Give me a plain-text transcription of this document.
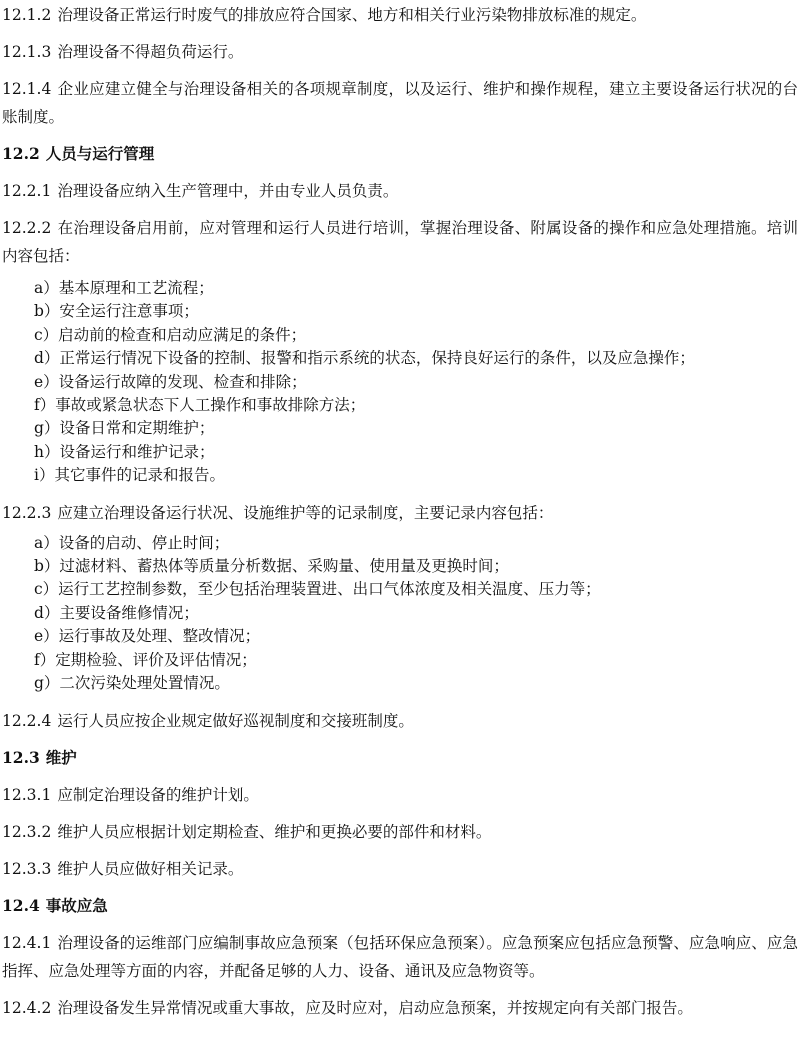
12.1.2 治理设备正常运行时废气的排放应符合国家、地方和相关行业污染物排放标准的规定。

12.1.3 治理设备不得超负荷运行。

12.1.4 企业应建立健全与治理设备相关的各项规章制度，以及运行、维护和操作规程，建立主要设备运行状况的台账制度。

12.2 人员与运行管理

12.2.1 治理设备应纳入生产管理中，并由专业人员负责。

12.2.2 在治理设备启用前，应对管理和运行人员进行培训，掌握治理设备、附属设备的操作和应急处理措施。培训内容包括：

a）基本原理和工艺流程；
b）安全运行注意事项；
c）启动前的检查和启动应满足的条件；
d）正常运行情况下设备的控制、报警和指示系统的状态，保持良好运行的条件，以及应急操作；
e）设备运行故障的发现、检查和排除；
f）事故或紧急状态下人工操作和事故排除方法；
g）设备日常和定期维护；
h）设备运行和维护记录；
i）其它事件的记录和报告。

12.2.3 应建立治理设备运行状况、设施维护等的记录制度，主要记录内容包括：

a）设备的启动、停止时间；
b）过滤材料、蓄热体等质量分析数据、采购量、使用量及更换时间；
c）运行工艺控制参数，至少包括治理装置进、出口气体浓度及相关温度、压力等；
d）主要设备维修情况；
e）运行事故及处理、整改情况；
f）定期检验、评价及评估情况；
g）二次污染处理处置情况。

12.2.4 运行人员应按企业规定做好巡视制度和交接班制度。

12.3 维护

12.3.1 应制定治理设备的维护计划。

12.3.2 维护人员应根据计划定期检查、维护和更换必要的部件和材料。

12.3.3 维护人员应做好相关记录。

12.4 事故应急

12.4.1 治理设备的运维部门应编制事故应急预案（包括环保应急预案）。应急预案应包括应急预警、应急响应、应急指挥、应急处理等方面的内容，并配备足够的人力、设备、通讯及应急物资等。

12.4.2 治理设备发生异常情况或重大事故，应及时应对，启动应急预案，并按规定向有关部门报告。
